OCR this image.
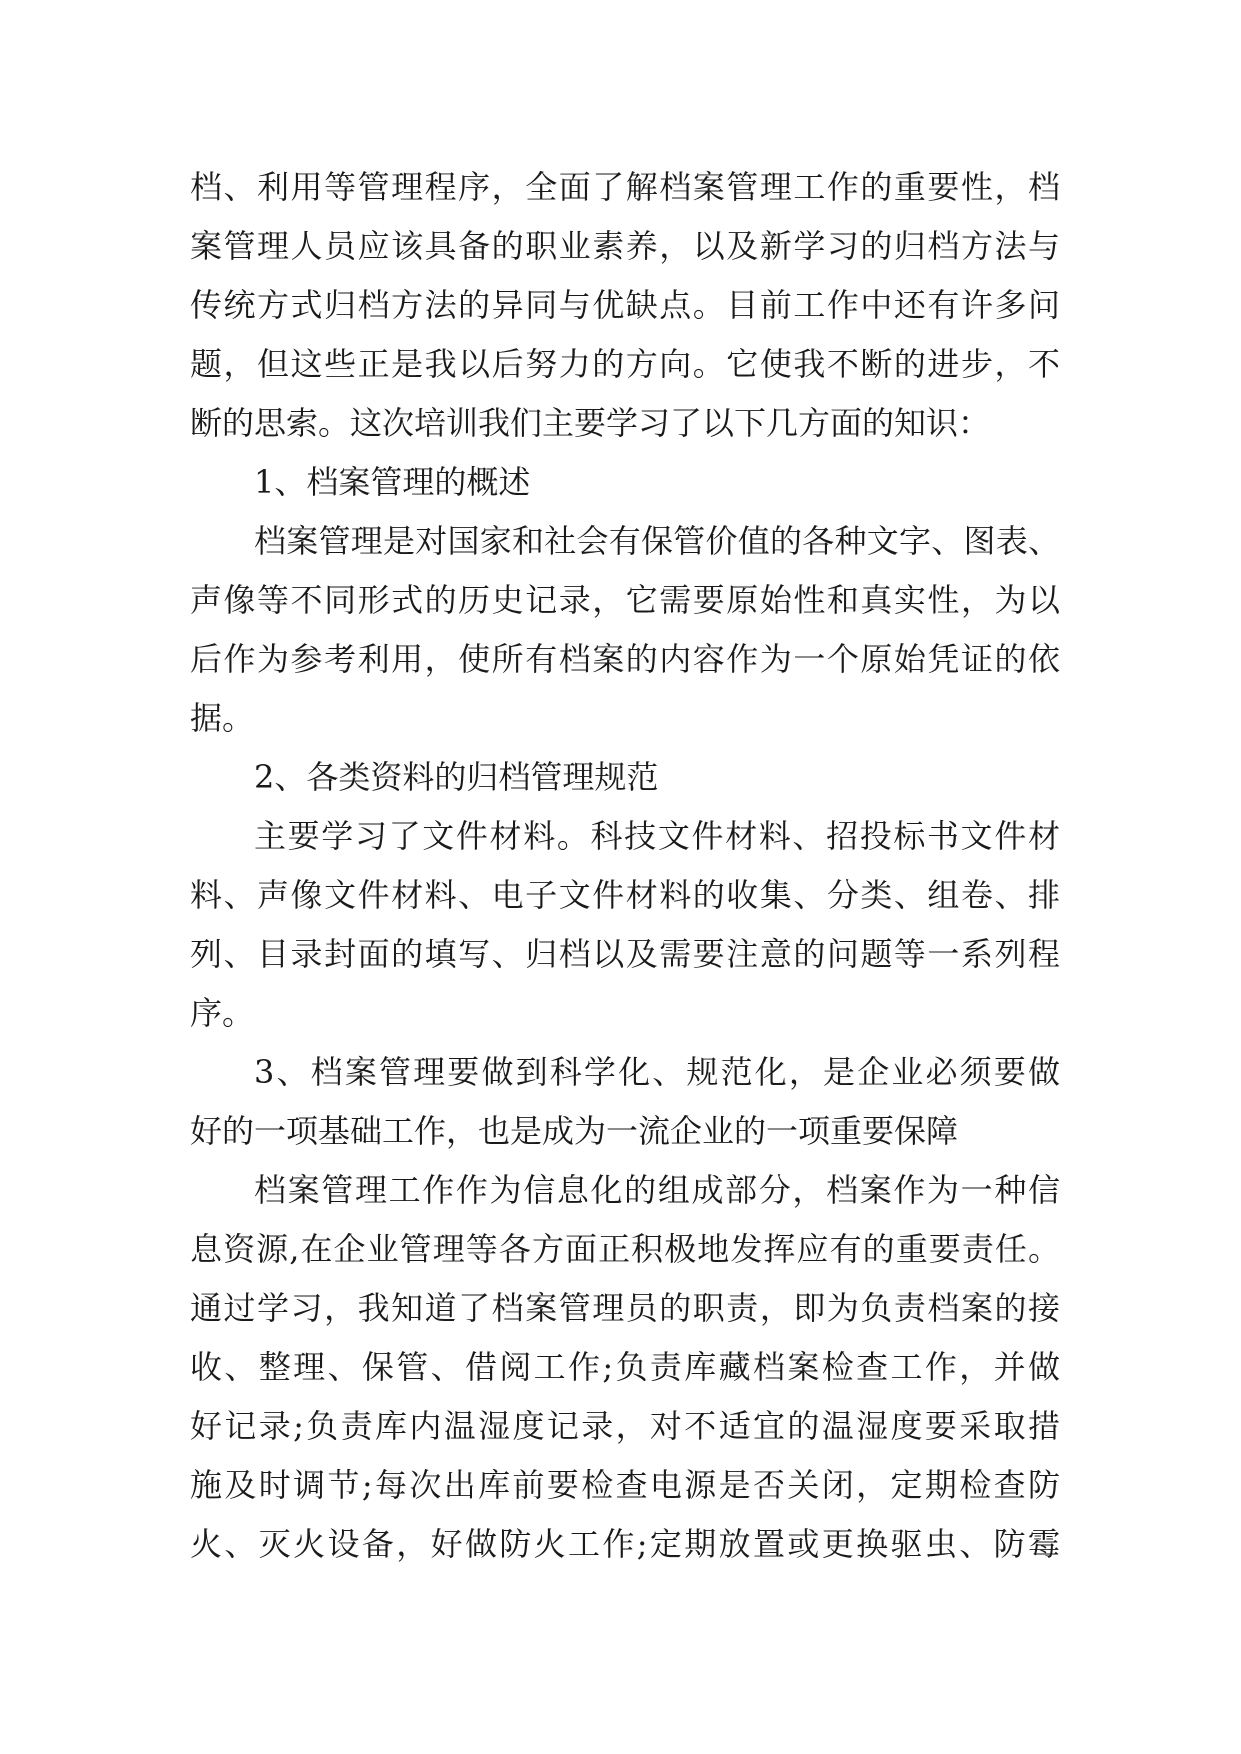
档、利用等管理程序，全面了解档案管理工作的重要性，档
案管理人员应该具备的职业素养，以及新学习的归档方法与
传统方式归档方法的异同与优缺点。目前工作中还有许多问
题，但这些正是我以后努力的方向。它使我不断的进步，不
断的思索。这次培训我们主要学习了以下几方面的知识：
1、档案管理的概述
档案管理是对国家和社会有保管价值的各种文字、图表、
声像等不同形式的历史记录，它需要原始性和真实性，为以
后作为参考利用，使所有档案的内容作为一个原始凭证的依
据。
2、各类资料的归档管理规范
主要学习了文件材料。科技文件材料、招投标书文件材
料、声像文件材料、电子文件材料的收集、分类、组卷、排
列、目录封面的填写、归档以及需要注意的问题等一系列程
序。
3、档案管理要做到科学化、规范化，是企业必须要做
好的一项基础工作，也是成为一流企业的一项重要保障
档案管理工作作为信息化的组成部分，档案作为一种信
息资源,在企业管理等各方面正积极地发挥应有的重要责任。
通过学习，我知道了档案管理员的职责，即为负责档案的接
收、整理、保管、借阅工作;负责库藏档案检查工作，并做
好记录;负责库内温湿度记录，对不适宜的温湿度要采取措
施及时调节;每次出库前要检查电源是否关闭，定期检查防
火、灭火设备，好做防火工作;定期放置或更换驱虫、防霉
